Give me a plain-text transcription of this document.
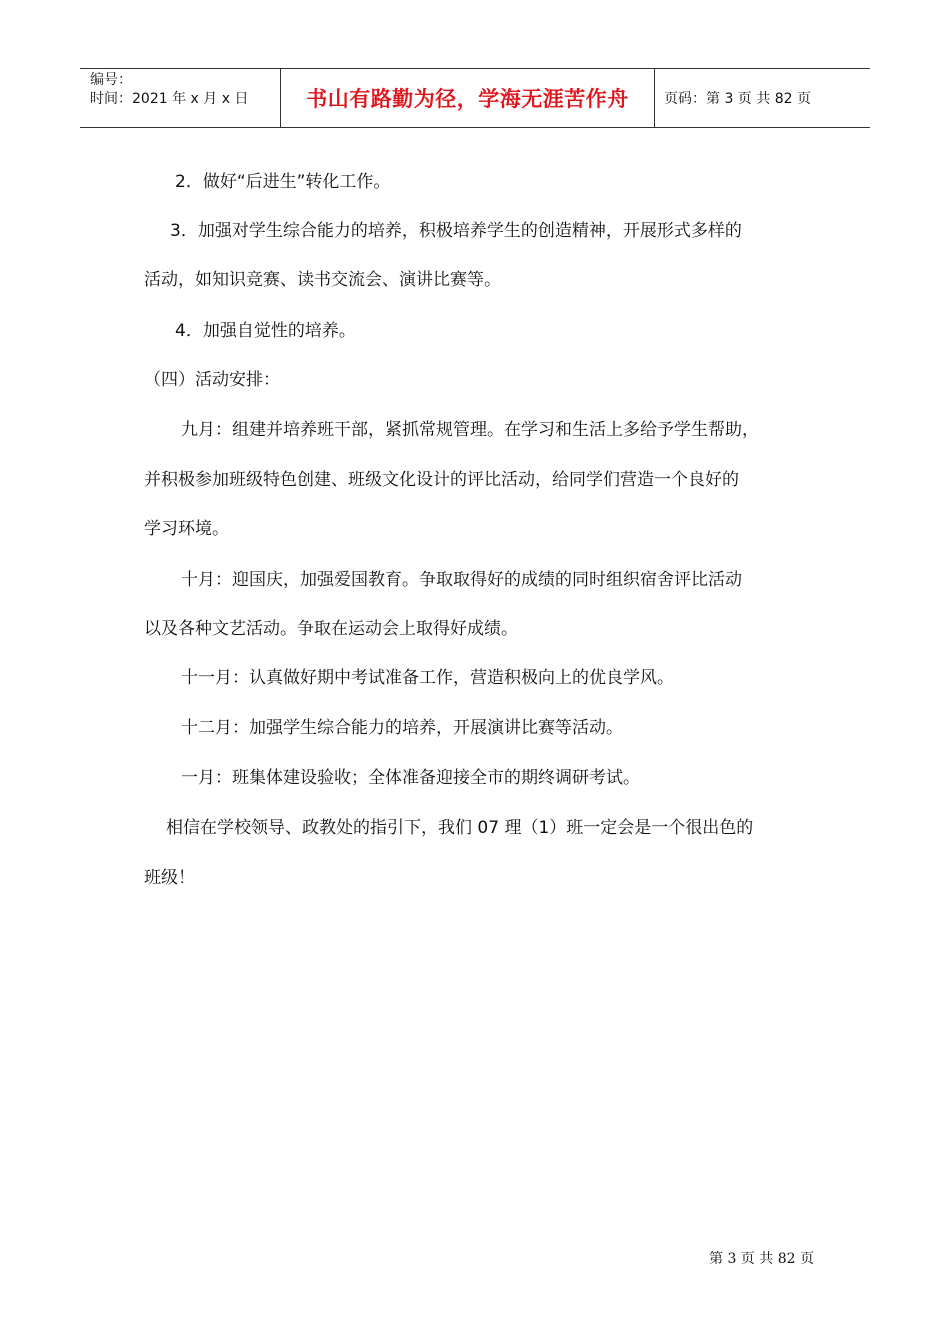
编号：
时间：2021 年 x 月 x 日	书山有路勤为径，学海无涯苦作舟	页码：第 3 页 共 82 页
2．做好“后进生”转化工作。
3．加强对学生综合能力的培养，积极培养学生的创造精神，开展形式多样的
活动，如知识竞赛、读书交流会、演讲比赛等。
4．加强自觉性的培养。
（四）活动安排：
九月：组建并培养班干部，紧抓常规管理。在学习和生活上多给予学生帮助，
并积极参加班级特色创建、班级文化设计的评比活动，给同学们营造一个良好的
学习环境。
十月：迎国庆，加强爱国教育。争取取得好的成绩的同时组织宿舍评比活动
以及各种文艺活动。争取在运动会上取得好成绩。
十一月：认真做好期中考试准备工作，营造积极向上的优良学风。
十二月：加强学生综合能力的培养，开展演讲比赛等活动。
一月：班集体建设验收；全体准备迎接全市的期终调研考试。
相信在学校领导、政教处的指引下，我们 07 理（1）班一定会是一个很出色的
班级！
第 3 页 共 82 页
